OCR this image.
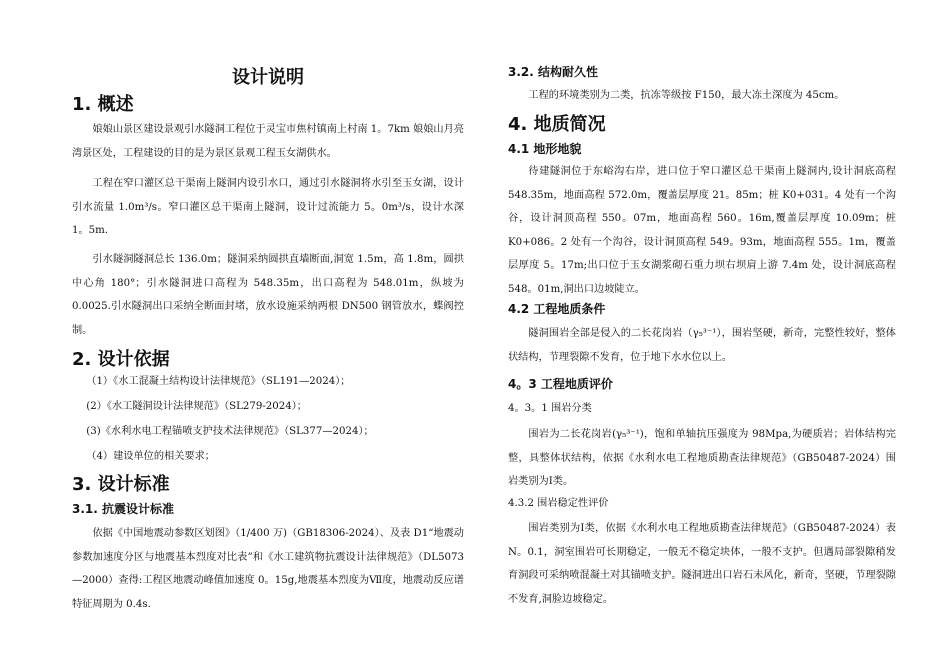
设计说明
1. 概述
娘娘山景区建设景观引水隧洞工程位于灵宝市焦村镇南上村南 1。7km 娘娘山月亮湾景区处，工程建设的目的是为景区景观工程玉女湖供水。
工程在窄口灌区总干渠南上隧洞内设引水口，通过引水隧洞将水引至玉女湖，设计引水流量 1.0m³/s。窄口灌区总干渠南上隧洞，设计过流能力 5。0m³/s，设计水深 1。5m.
引水隧洞隧洞总长 136.0m；隧洞采纳圆拱直墙断面,洞宽 1.5m，高 1.8m，圆拱中心角 180°；引水隧洞进口高程为 548.35m，出口高程为 548.01m，纵坡为 0.0025.引水隧洞出口采纳全断面封堵，放水设施采纳两根 DN500 钢管放水，蝶阀控制。
2. 设计依据
（1）《水工混凝土结构设计法律规范》（SL191—2024）；
(2）《水工隧洞设计法律规范》（SL279-2024）；
(3)《水利水电工程锚喷支护技术法律规范》（SL377—2024）；
（4）建设单位的相关要求；
3. 设计标准
3.1. 抗震设计标准
依据《中国地震动参数区划图》（1/400 万)（GB18306-2024）、及表 D1“地震动参数加速度分区与地震基本烈度对比表”和《水工建筑物抗震设计法律规范》（DL5073—2000）查得:工程区地震动峰值加速度 0。15g,地震基本烈度为Ⅶ度，地震动反应谱特征周期为 0.4s.
3.2. 结构耐久性
工程的环境类别为二类，抗冻等级按 F150，最大冻土深度为 45cm。
4. 地质简况
4.1 地形地貌
待建隧洞位于东峪沟右岸，进口位于窄口灌区总干渠南上隧洞内,设计洞底高程 548.35m，地面高程 572.0m，覆盖层厚度 21。85m；桩 K0+031。4 处有一个沟谷，设计洞顶高程 550。07m，地面高程 560。16m,覆盖层厚度 10.09m；桩 K0+086。2 处有一个沟谷，设计洞顶高程 549。93m，地面高程 555。1m，覆盖层厚度 5。17m;出口位于玉女湖浆砌石重力坝右坝肩上游 7.4m 处，设计洞底高程 548。01m,洞出口边坡陡立。
4.2 工程地质条件
隧洞围岩全部是侵入的二长花岗岩（γ₅³⁻¹），围岩坚硬，新奇，完整性较好，整体状结构，节理裂隙不发育，位于地下水水位以上。
4。3 工程地质评价
4。3。1 围岩分类
围岩为二长花岗岩(γ₅³⁻¹)，饱和单轴抗压强度为 98Mpa,为硬质岩；岩体结构完整，具整体状结构，依据《水利水电工程地质勘查法律规范》（GB50487-2024）围岩类别为Ⅰ类。
4.3.2 围岩稳定性评价
围岩类别为Ⅰ类，依据《水利水电工程地质勘查法律规范》（GB50487-2024）表 N。0.1，洞室围岩可长期稳定，一般无不稳定块体，一般不支护。但遇局部裂隙稍发育洞段可采纳喷混凝土对其锚喷支护。隧洞进出口岩石未风化，新奇，坚硬，节理裂隙不发育,洞脸边坡稳定。
